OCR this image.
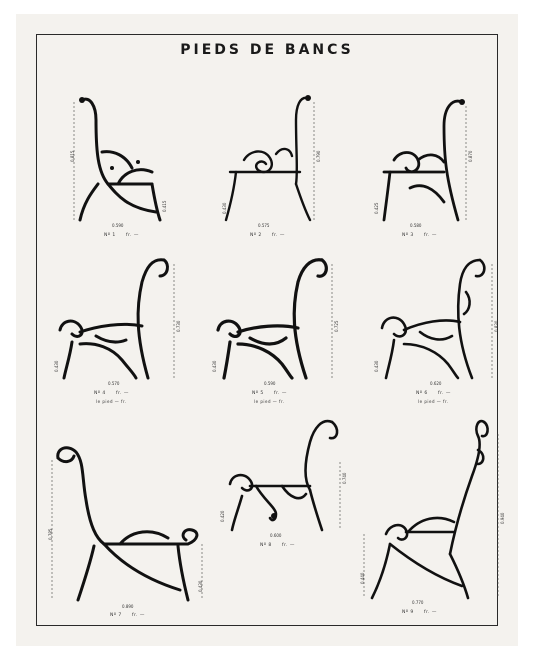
PIEDS DE BANCS
0.815
0.415
0.590
Nº 1 fr. —
0.790
0.430
0.575
Nº 2 fr. —
0.870
0.425
0.580
Nº 3 fr. —
0.730
0.430
0.570
Nº 4 fr. —
le pied — fr.
0.725
0.430
0.590
Nº 5 fr. —
le pied — fr.
0.830
0.430
0.620
Nº 6 fr. —
le pied — fr.
0.785
0.430
0.890
Nº 7 fr. —
0.740
0.420
0.600
Nº 8 fr. —
0.940
0.440
0.770
Nº 9 fr. —
